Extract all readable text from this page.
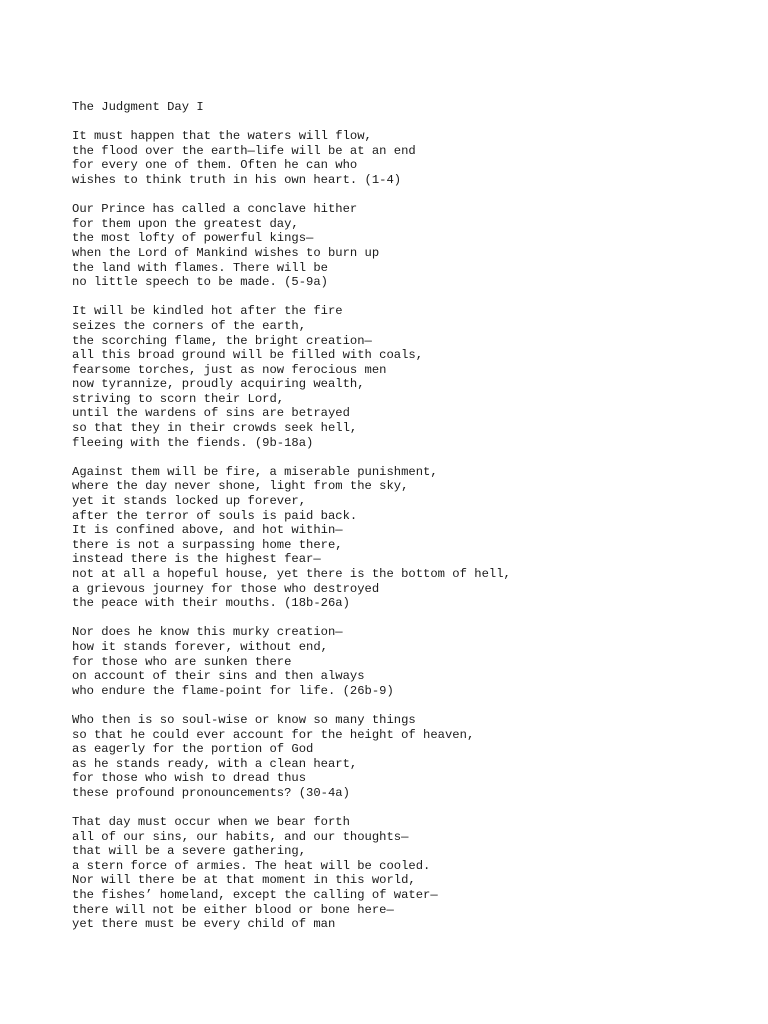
The Judgment Day I
It must happen that the waters will flow,
the flood over the earth—life will be at an end
for every one of them. Often he can who
wishes to think truth in his own heart. (1-4)
Our Prince has called a conclave hither
for them upon the greatest day,
the most lofty of powerful kings—
when the Lord of Mankind wishes to burn up
the land with flames. There will be
no little speech to be made. (5-9a)
It will be kindled hot after the fire
seizes the corners of the earth,
the scorching flame, the bright creation—
all this broad ground will be filled with coals,
fearsome torches, just as now ferocious men
now tyrannize, proudly acquiring wealth,
striving to scorn their Lord,
until the wardens of sins are betrayed
so that they in their crowds seek hell,
fleeing with the fiends. (9b-18a)
Against them will be fire, a miserable punishment,
where the day never shone, light from the sky,
yet it stands locked up forever,
after the terror of souls is paid back.
It is confined above, and hot within—
there is not a surpassing home there,
instead there is the highest fear—
not at all a hopeful house, yet there is the bottom of hell,
a grievous journey for those who destroyed
the peace with their mouths. (18b-26a)
Nor does he know this murky creation—
how it stands forever, without end,
for those who are sunken there
on account of their sins and then always
who endure the flame-point for life. (26b-9)
Who then is so soul-wise or know so many things
so that he could ever account for the height of heaven,
as eagerly for the portion of God
as he stands ready, with a clean heart,
for those who wish to dread thus
these profound pronouncements? (30-4a)
That day must occur when we bear forth
all of our sins, our habits, and our thoughts—
that will be a severe gathering,
a stern force of armies. The heat will be cooled.
Nor will there be at that moment in this world,
the fishes’ homeland, except the calling of water—
there will not be either blood or bone here—
yet there must be every child of man
